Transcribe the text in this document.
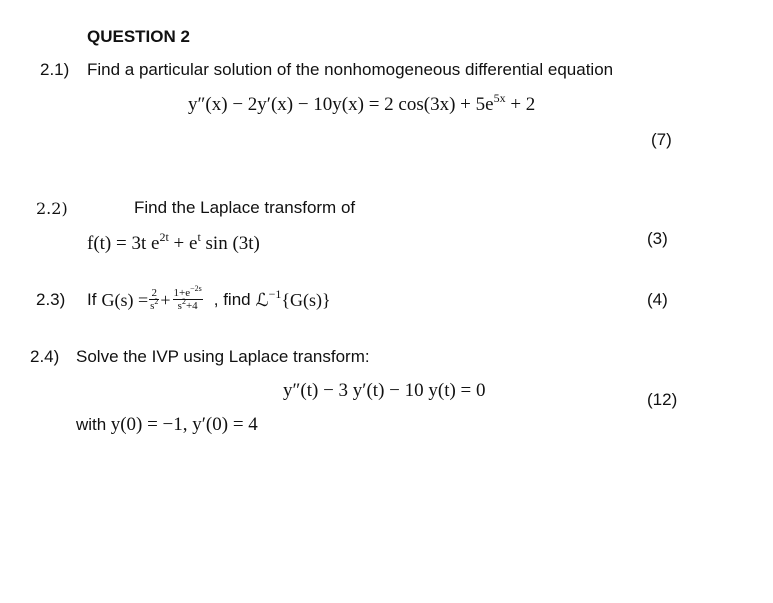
QUESTION 2
2.1) Find a particular solution of the nonhomogeneous differential equation
y″(x) − 2y′(x) − 10y(x) = 2 $\cos(3x) + 5e^{5x} + 2$
(7)
2.2)	Find the Laplace transform of
f(t) = 3t $e^{2t} + e^t$ sin (3t)	(3)
2.3) If $G(s) = \frac{2}{s^2} + \frac{1+e^{-2s}}{s^2+4}$ , find ℒ$^{-1}${G(s)}	(4)
2.4) Solve the IVP using Laplace transform:
y″(t) − 3 y′(t) − 10 y(t) = 0	(12)
with y(0) = −1, y′(0) = 4
